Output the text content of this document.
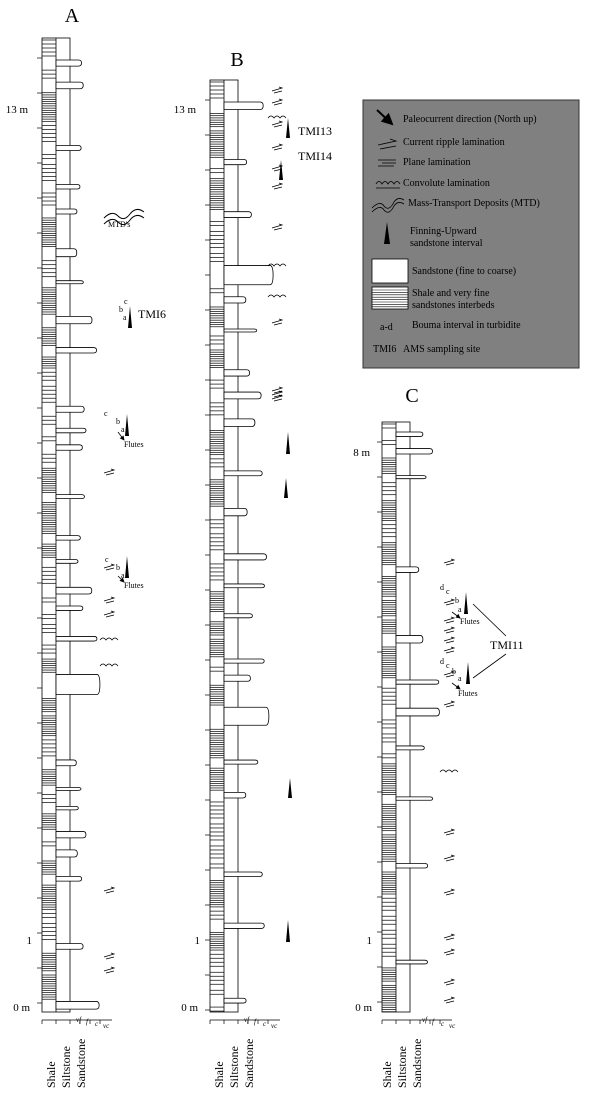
A
B
C
13 m
1
0 m
13 m
1
0 m
8 m
1
0 m
vf f c vc
Shale Siltstone Sandstone
vf f c vc
Shale Siltstone Sandstone
vf f c vc
Shale Siltstone Sandstone
MTD's
TMI6
c
b
a
c
b
a
Flutes
c
b
a
Flutes
TMI13
TMI14
d c
b
a
Flutes
d c
b
a
Flutes
TMI11
Paleocurrent direction (North up)
Current ripple lamination
Plane lamination
Convolute lamination
Mass-Transport Deposits (MTD)
Finning-Upward
sandstone interval
Sandstone (fine to coarse)
Shale and very fine
sandstones interbeds
a-d Bouma interval in turbidite
TMI6 AMS sampling site
